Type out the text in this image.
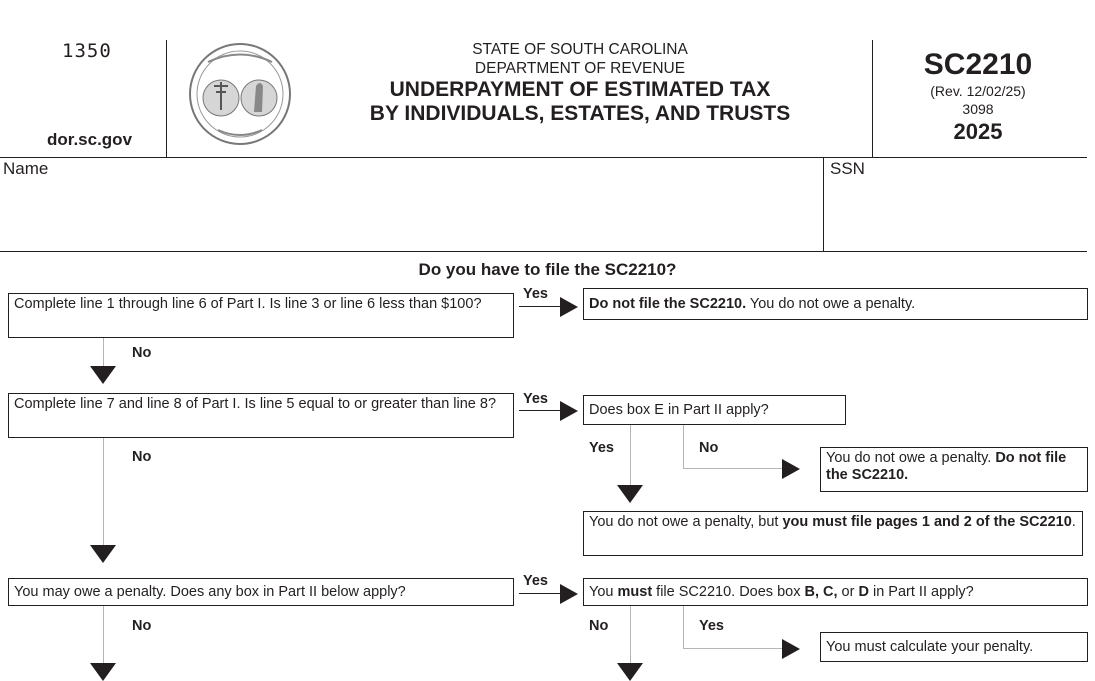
1350
dor.sc.gov
STATE OF SOUTH CAROLINA
DEPARTMENT OF REVENUE
UNDERPAYMENT OF ESTIMATED TAX
BY INDIVIDUALS, ESTATES, AND TRUSTS
SC2210
(Rev. 12/02/25)
3098
2025
Name	SSN
Do you have to file the SC2210?
Complete line 1 through line 6 of Part I. Is line 3 or line 6 less than $100?
Yes
Do not file the SC2210. You do not owe a penalty.
No
Complete line 7 and line 8 of Part I. Is line 5 equal to or greater than line 8?	Yes
Does box E in Part II apply?
Yes	No
You do not owe a penalty. Do not file the SC2210.
You do not owe a penalty, but you must file pages 1 and 2 of the SC2210.
No
You may owe a penalty. Does any box in Part II below apply?
Yes
You must file SC2210. Does box B, C, or D in Part II apply?
No	No	Yes
You must calculate your penalty.
